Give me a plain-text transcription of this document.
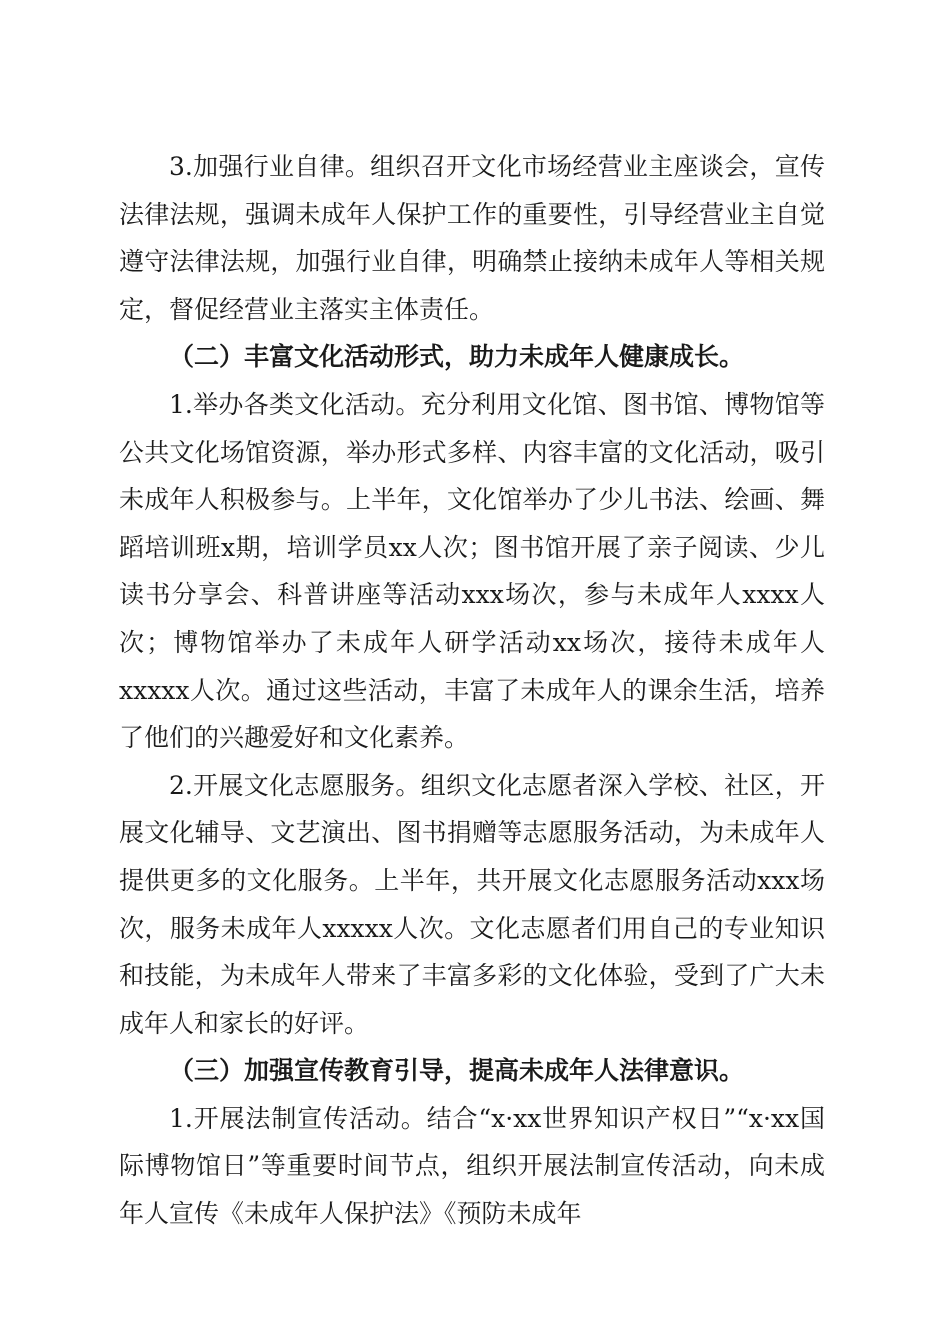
3.加强行业自律。组织召开文化市场经营业主座谈会，宣传法律法规，强调未成年人保护工作的重要性，引导经营业主自觉遵守法律法规，加强行业自律，明确禁止接纳未成年人等相关规定，督促经营业主落实主体责任。

（二）丰富文化活动形式，助力未成年人健康成长。

1.举办各类文化活动。充分利用文化馆、图书馆、博物馆等公共文化场馆资源，举办形式多样、内容丰富的文化活动，吸引未成年人积极参与。上半年，文化馆举办了少儿书法、绘画、舞蹈培训班x期，培训学员xx人次；图书馆开展了亲子阅读、少儿读书分享会、科普讲座等活动xxx场次，参与未成年人xxxx人次；博物馆举办了未成年人研学活动xx场次，接待未成年人xxxxx人次。通过这些活动，丰富了未成年人的课余生活，培养了他们的兴趣爱好和文化素养。

2.开展文化志愿服务。组织文化志愿者深入学校、社区，开展文化辅导、文艺演出、图书捐赠等志愿服务活动，为未成年人提供更多的文化服务。上半年，共开展文化志愿服务活动xxx场次，服务未成年人xxxxx人次。文化志愿者们用自己的专业知识和技能，为未成年人带来了丰富多彩的文化体验，受到了广大未成年人和家长的好评。

（三）加强宣传教育引导，提高未成年人法律意识。

1.开展法制宣传活动。结合“x·xx世界知识产权日”“x·xx国际博物馆日”等重要时间节点，组织开展法制宣传活动，向未成年人宣传《未成年人保护法》《预防未成年
